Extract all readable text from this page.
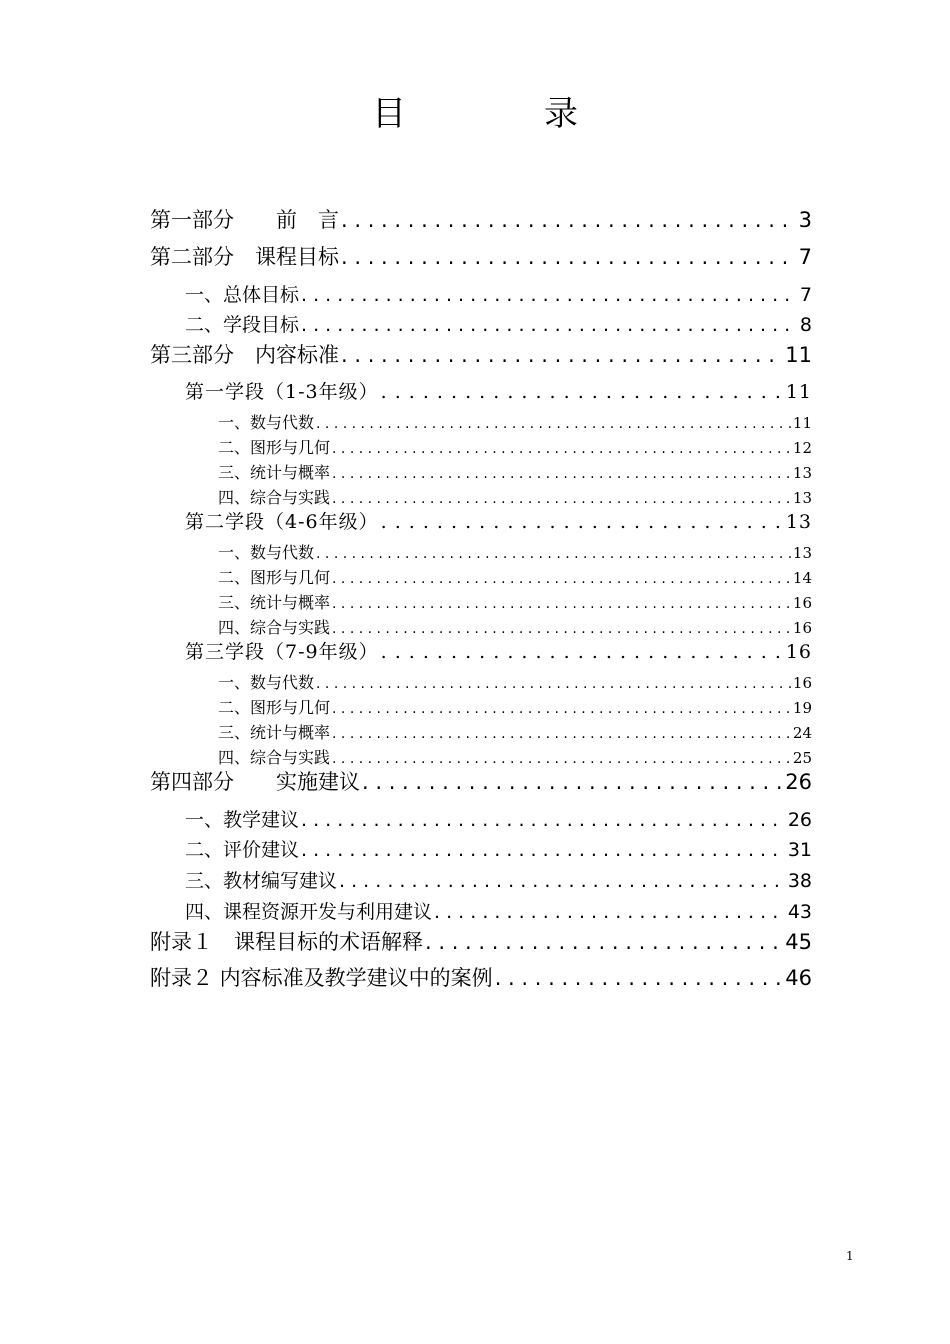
目　录
第一部分　　前　言 . . .	3
第二部分　课程目标 . . .	7
一、总体目标 . . .	7
二、学段目标 . . .	8
第三部分　内容标准 . . .	11
第一学段（1-3年级） . . .	11
一、数与代数 . . .	11
二、图形与几何 . . .	12
三、统计与概率 . . .	13
四、综合与实践 . . .	13
第二学段（4-6年级） . . .	13
一、数与代数 . . .	13
二、图形与几何 . . .	14
三、统计与概率 . . .	16
四、综合与实践 . . .	16
第三学段（7-9年级） . . .	16
一、数与代数 . . .	16
二、图形与几何 . . .	19
三、统计与概率 . . .	24
四、综合与实践 . . .	25
第四部分　　实施建议 . . .	26
一、教学建议 . . .	26
二、评价建议 . . .	31
三、教材编写建议 . . .	38
四、课程资源开发与利用建议 . . .	43
附录１　课程目标的术语解释 . . .	45
附录２ 内容标准及教学建议中的案例 . . .	46
1
